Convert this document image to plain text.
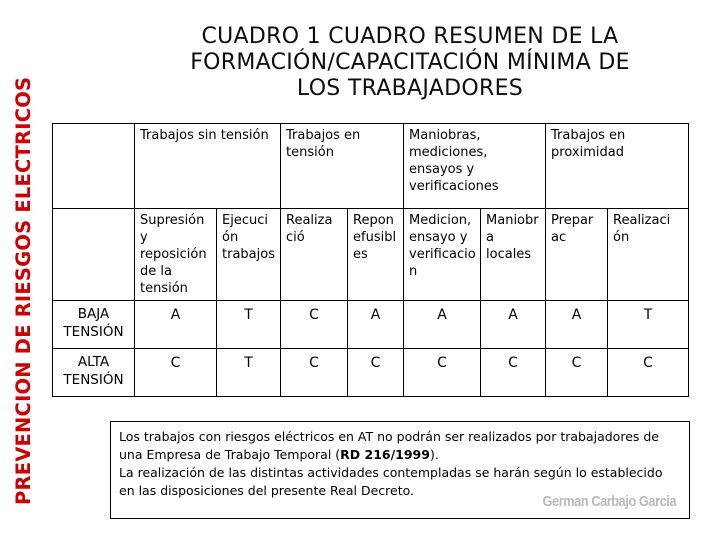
PREVENCION DE RIESGOS ELECTRICOS
CUADRO 1 CUADRO RESUMEN DE LA
FORMACIÓN/CAPACITACIÓN MÍNIMA DE
LOS TRABAJADORES
	Trabajos sin tensión		Trabajos en tensión		Maniobras, mediciones, ensayos y verificaciones		Trabajos en proximidad	
	Supresión y reposición de la tensión	Ejecuci ón trabajos	Realiza ció	Repon efusibl es	Medicion, ensayo y verificacio n	Maniobr a locales	Prepar ac	Realizaci ón
BAJA TENSIÓN	A	T	C	A	A	A	A	T
ALTA TENSIÓN	C	T	C	C	C	C	C	C
Los trabajos con riesgos eléctricos en AT no podrán ser realizados por trabajadores de una Empresa de Trabajo Temporal (RD 216/1999).
La realización de las distintas actividades contempladas se harán según lo establecido en las disposiciones del presente Real Decreto.
German Carbajo Garcia
